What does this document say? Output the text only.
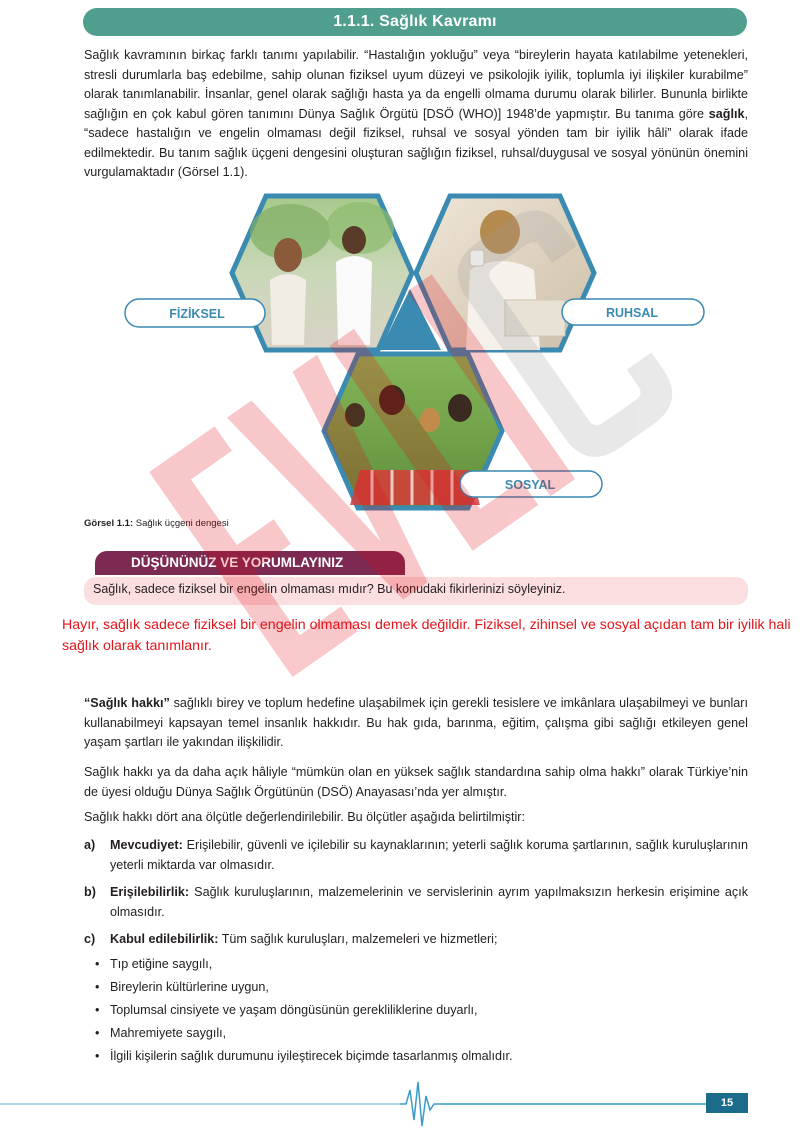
1.1.1. Sağlık Kavramı

Sağlık kavramının birkaç farklı tanımı yapılabilir. “Hastalığın yokluğu” veya “bireylerin hayata katılabilme yetenekleri, stresli durumlarla baş edebilme, sahip olunan fiziksel uyum düzeyi ve psikolojik iyilik, toplumla iyi ilişkiler kurabilme” olarak tanımlanabilir. İnsanlar, genel olarak sağlığı hasta ya da engelli olmama durumu olarak bilirler. Bununla birlikte sağlığın en çok kabul gören tanımını Dünya Sağlık Örgütü [DSÖ (WHO)] 1948’de yapmıştır. Bu tanıma göre sağlık, “sadece hastalığın ve engelin olmaması değil fiziksel, ruhsal ve sosyal yönden tam bir iyilik hâli” olarak ifade edilmektedir. Bu tanım sağlık üçgeni dengesini oluşturan sağlığın fiziksel, ruhsal/duygusal ve sosyal yönünün önemini vurgulamaktadır (Görsel 1.1).

FİZİKSEL	RUHSAL
SOSYAL
Görsel 1.1: Sağlık üçgeni dengesi
DÜŞÜNÜNÜZ VE YORUMLAYINIZ
Sağlık, sadece fiziksel bir engelin olmaması mıdır? Bu konudaki fikirlerinizi söyleyiniz.

Hayır, sağlık sadece fiziksel bir engelin olmaması demek değildir. Fiziksel, zihinsel ve sosyal açıdan tam bir iyilik hali sağlık olarak tanımlanır.

“Sağlık hakkı” sağlıklı birey ve toplum hedefine ulaşabilmek için gerekli tesislere ve imkânlara ulaşabilmeyi ve bunları kullanabilmeyi kapsayan temel insanlık hakkıdır. Bu hak gıda, barınma, eğitim, çalışma gibi sağlığı etkileyen genel yaşam şartları ile yakından ilişkilidir.

Sağlık hakkı ya da daha açık hâliyle “mümkün olan en yüksek sağlık standardına sahip olma hakkı” olarak Türkiye’nin de üyesi olduğu Dünya Sağlık Örgütünün (DSÖ) Anayasası’nda yer almıştır.

Sağlık hakkı dört ana ölçütle değerlendirilebilir. Bu ölçütler aşağıda belirtilmiştir:

a) Mevcudiyet: Erişilebilir, güvenli ve içilebilir su kaynaklarının; yeterli sağlık koruma şartlarının, sağlık kuruluşlarının yeterli miktarda var olmasıdır.
b) Erişilebilirlik: Sağlık kuruluşlarının, malzemelerinin ve servislerinin ayrım yapılmaksızın herkesin erişimine açık olmasıdır.
c) Kabul edilebilirlik: Tüm sağlık kuruluşları, malzemeleri ve hizmetleri;
• Tıp etiğine saygılı,
• Bireylerin kültürlerine uygun,
• Toplumsal cinsiyete ve yaşam döngüsünün gerekliliklerine duyarlı,
• Mahremiyete saygılı,
• İlgili kişilerin sağlık durumunu iyileştirecek biçimde tasarlanmış olmalıdır.
15
